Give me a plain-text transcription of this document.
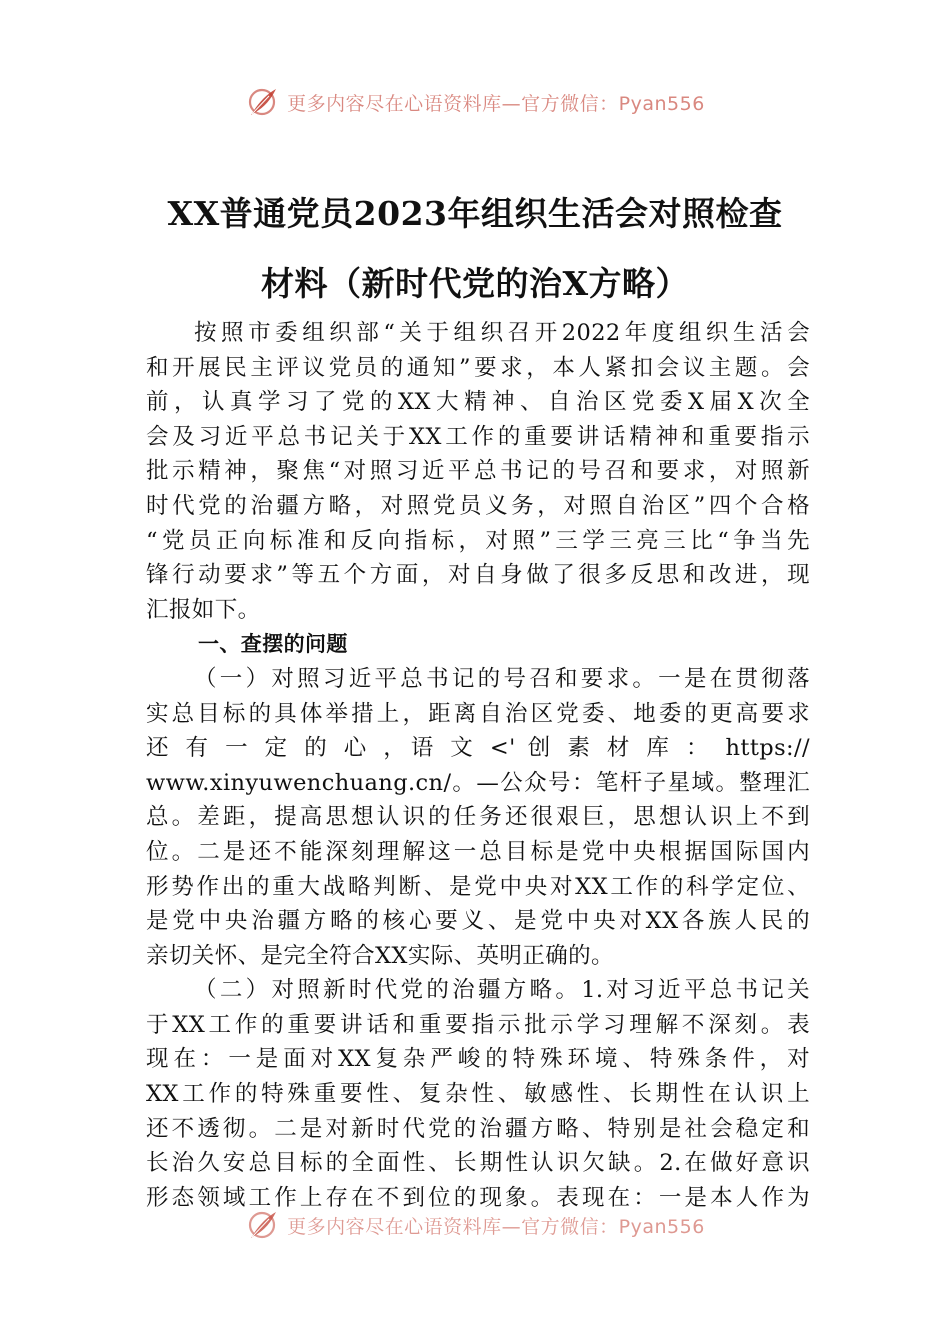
更多内容尽在心语资料库—官方微信：Pyan556
XX普通党员2023年组织生活会对照检查
材料（新时代党的治X方略）
按照市委组织部“关于组织召开2022年度组织生活会
和开展民主评议党员的通知”要求，本人紧扣会议主题。会
前，认真学习了党的XX大精神、自治区党委X届X次全
会及习近平总书记关于XX工作的重要讲话精神和重要指示
批示精神，聚焦“对照习近平总书记的号召和要求，对照新
时代党的治疆方略，对照党员义务，对照自治区”四个合格
“党员正向标准和反向指标，对照”三学三亮三比“争当先
锋行动要求”等五个方面，对自身做了很多反思和改进，现
汇报如下。
一、查摆的问题
（一）对照习近平总书记的号召和要求。一是在贯彻落
实总目标的具体举措上，距离自治区党委、地委的更高要求
还 有 一 定 的 心 ，语 文 <' 创 素 材 库 ： https://
www.xinyuwenchuang.cn/。—公众号：笔杆子星域。整理汇
总。差距，提高思想认识的任务还很艰巨，思想认识上不到
位。二是还不能深刻理解这一总目标是党中央根据国际国内
形势作出的重大战略判断、是党中央对XX工作的科学定位、
是党中央治疆方略的核心要义、是党中央对XX各族人民的
亲切关怀、是完全符合XX实际、英明正确的。
（二）对照新时代党的治疆方略。1.对习近平总书记关
于XX工作的重要讲话和重要指示批示学习理解不深刻。表
现在：一是面对XX复杂严峻的特殊环境、特殊条件，对
XX工作的特殊重要性、复杂性、敏感性、长期性在认识上
还不透彻。二是对新时代党的治疆方略、特别是社会稳定和
长治久安总目标的全面性、长期性认识欠缺。2.在做好意识
形态领域工作上存在不到位的现象。表现在：一是本人作为
更多内容尽在心语资料库—官方微信：Pyan556
